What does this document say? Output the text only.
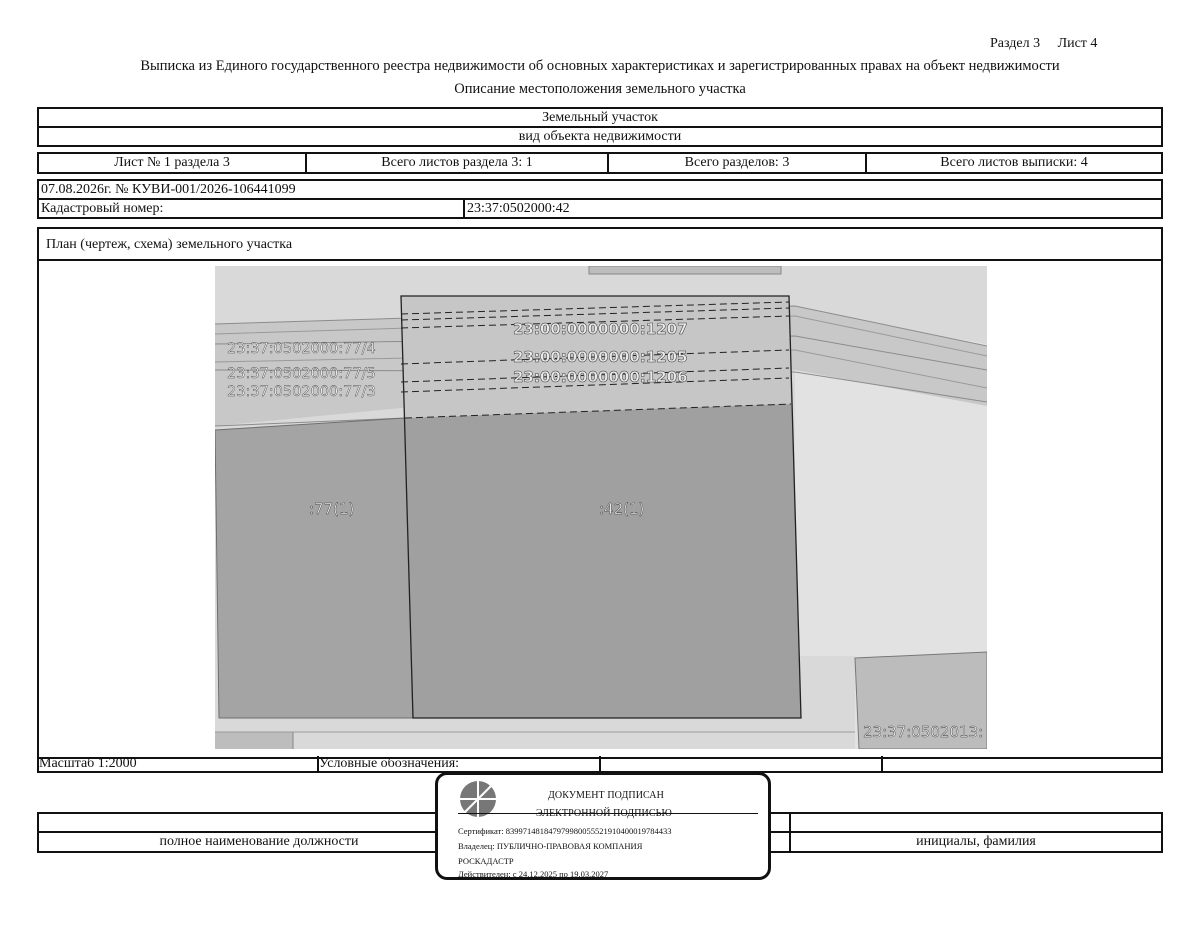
Раздел 3 Лист 4
Выписка из Единого государственного реестра недвижимости об основных характеристиках и зарегистрированных правах на объект недвижимости
Описание местоположения земельного участка
Земельный участок
вид объекта недвижимости
Лист № 1 раздела 3	Всего листов раздела 3: 1	Всего разделов: 3	Всего листов выписки: 4
07.08.2026г. № КУВИ-001/2026-106441099
Кадастровый номер:	23:37:0502000:42
План (чертеж, схема) земельного участка
23:00:0000000:1207
23:00:0000000:1205
23:00:0000000:1206
23:37:0502000:77/4
23:37:0502000:77/5
23:37:0502000:77/3
:77(1)	:42(1)
23:37:0502013:
Масштаб 1:2000	Условные обозначения:
полное наименование должности	инициалы, фамилия
ДОКУМЕНТ ПОДПИСАН
ЭЛЕКТРОННОЙ ПОДПИСЬЮ
Сертификат: 839971481847979980055521910400019784433
Владелец: ПУБЛИЧНО-ПРАВОВАЯ КОМПАНИЯ
РОСКАДАСТР
Действителен: с 24.12.2025 по 19.03.2027
